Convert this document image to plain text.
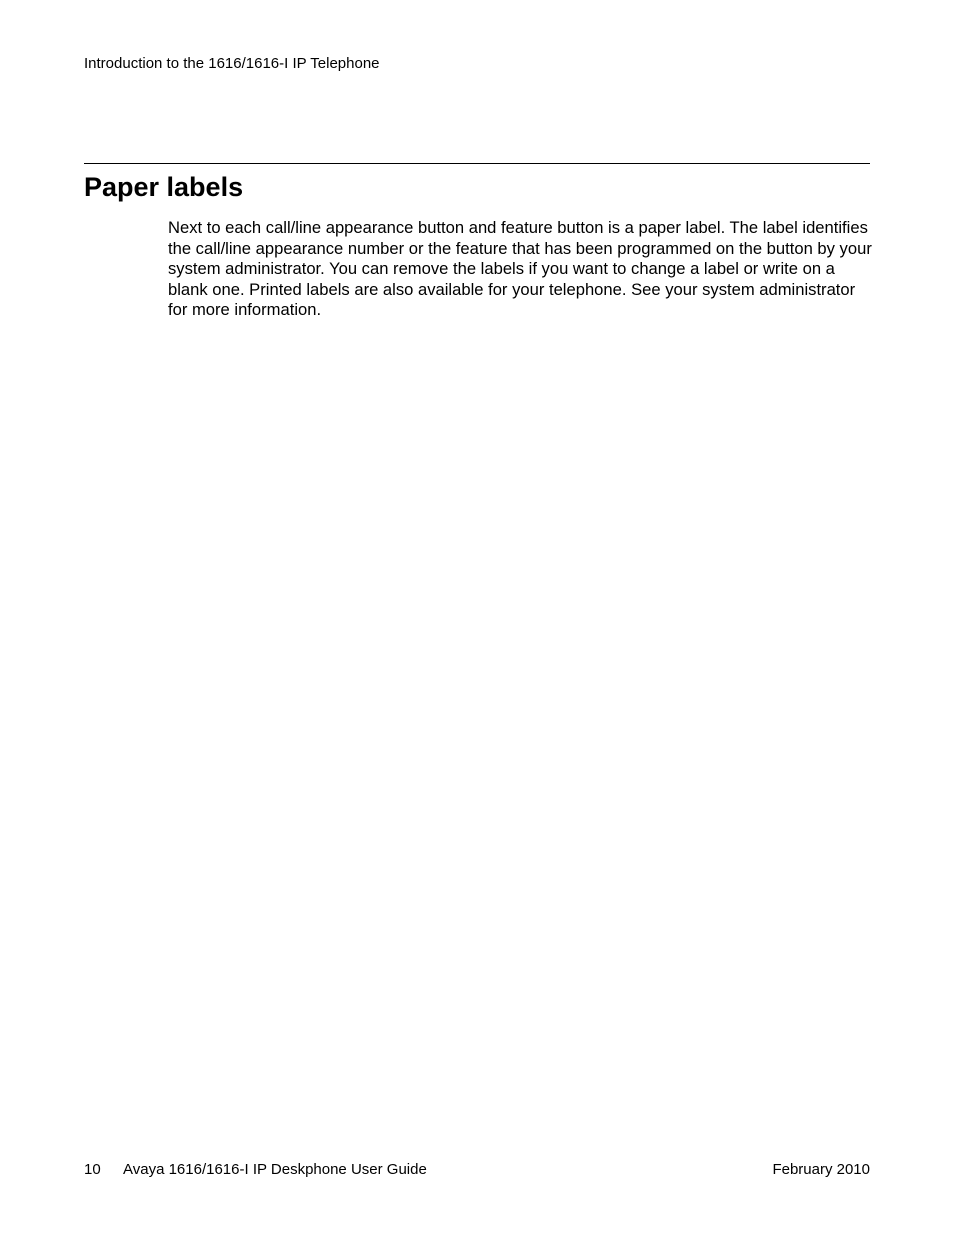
Introduction to the 1616/1616-I IP Telephone
Paper labels

Next to each call/line appearance button and feature button is a paper label. The label identifies the call/line appearance number or the feature that has been programmed on the button by your system administrator. You can remove the labels if you want to change a label or write on a blank one. Printed labels are also available for your telephone. See your system administrator for more information.

10 Avaya 1616/1616-I IP Deskphone User Guide	February 2010
